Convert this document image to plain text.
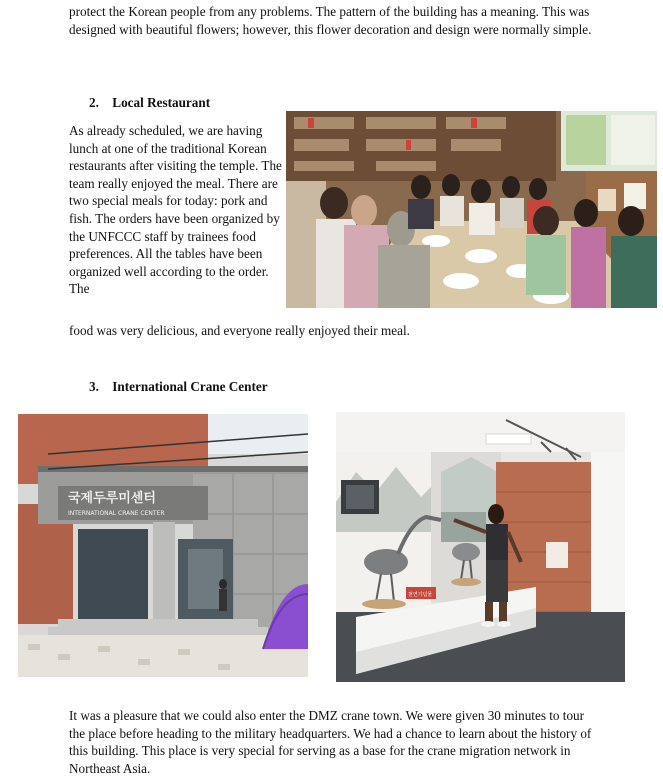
protect the Korean people from any problems. The pattern of the building has a meaning. This was designed with beautiful flowers; however, this flower decoration and design were normally simple.

2. Local Restaurant

As already scheduled, we are having lunch at one of the traditional Korean restaurants after visiting the temple. The team really enjoyed the meal. There are two special meals for today: pork and fish. The orders have been organized by the UNFCCC staff by trainees food preferences. All the tables have been organized well according to the order. The

food was very delicious, and everyone really enjoyed their meal.

3. International Crane Center
국제두루미센터
INTERNATIONAL CRANE CENTER
천연기념물

It was a pleasure that we could also enter the DMZ crane town. We were given 30 minutes to tour the place before heading to the military headquarters. We had a chance to learn about the history of this building. This place is very special for serving as a base for the crane migration network in Northeast Asia.
